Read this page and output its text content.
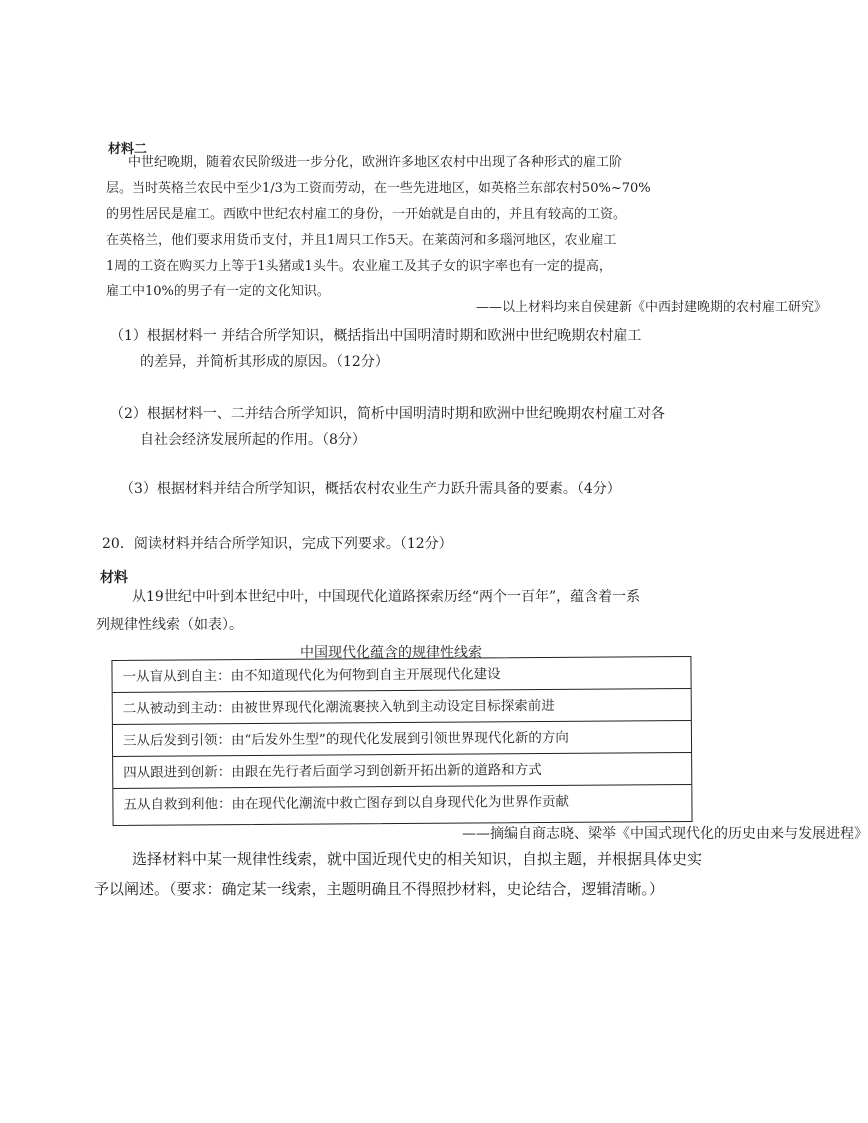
材料二
中世纪晚期，随着农民阶级进一步分化，欧洲许多地区农村中出现了各种形式的雇工阶
层。当时英格兰农民中至少1/3为工资而劳动，在一些先进地区，如英格兰东部农村50%~70%
的男性居民是雇工。西欧中世纪农村雇工的身份，一开始就是自由的，并且有较高的工资。
在英格兰，他们要求用货币支付，并且1周只工作5天。在莱茵河和多瑙河地区，农业雇工
1周的工资在购买力上等于1头猪或1头牛。农业雇工及其子女的识字率也有一定的提高，
雇工中10%的男子有一定的文化知识。
——以上材料均来自侯建新《中西封建晚期的农村雇工研究》
（1）根据材料一 并结合所学知识，概括指出中国明清时期和欧洲中世纪晚期农村雇工
的差异，并简析其形成的原因。（12分）
（2）根据材料一、二并结合所学知识，简析中国明清时期和欧洲中世纪晚期农村雇工对各
自社会经济发展所起的作用。（8分）
（3）根据材料并结合所学知识，概括农村农业生产力跃升需具备的要素。（4分）
20．阅读材料并结合所学知识，完成下列要求。（12分）
材料
从19世纪中叶到本世纪中叶，中国现代化道路探索历经“两个一百年”，蕴含着一系
列规律性线索（如表）。
中国现代化蕴含的规律性线索
一从盲从到自主：由不知道现代化为何物到自主开展现代化建设
二从被动到主动：由被世界现代化潮流裹挟入轨到主动设定目标探索前进
三从后发到引领：由“后发外生型”的现代化发展到引领世界现代化新的方向
四从跟进到创新：由跟在先行者后面学习到创新开拓出新的道路和方式
五从自救到利他：由在现代化潮流中救亡图存到以自身现代化为世界作贡献
——摘编自商志晓、梁举《中国式现代化的历史由来与发展进程》
选择材料中某一规律性线索，就中国近现代史的相关知识，自拟主题，并根据具体史实
予以阐述。（要求：确定某一线索，主题明确且不得照抄材料，史论结合，逻辑清晰。）
